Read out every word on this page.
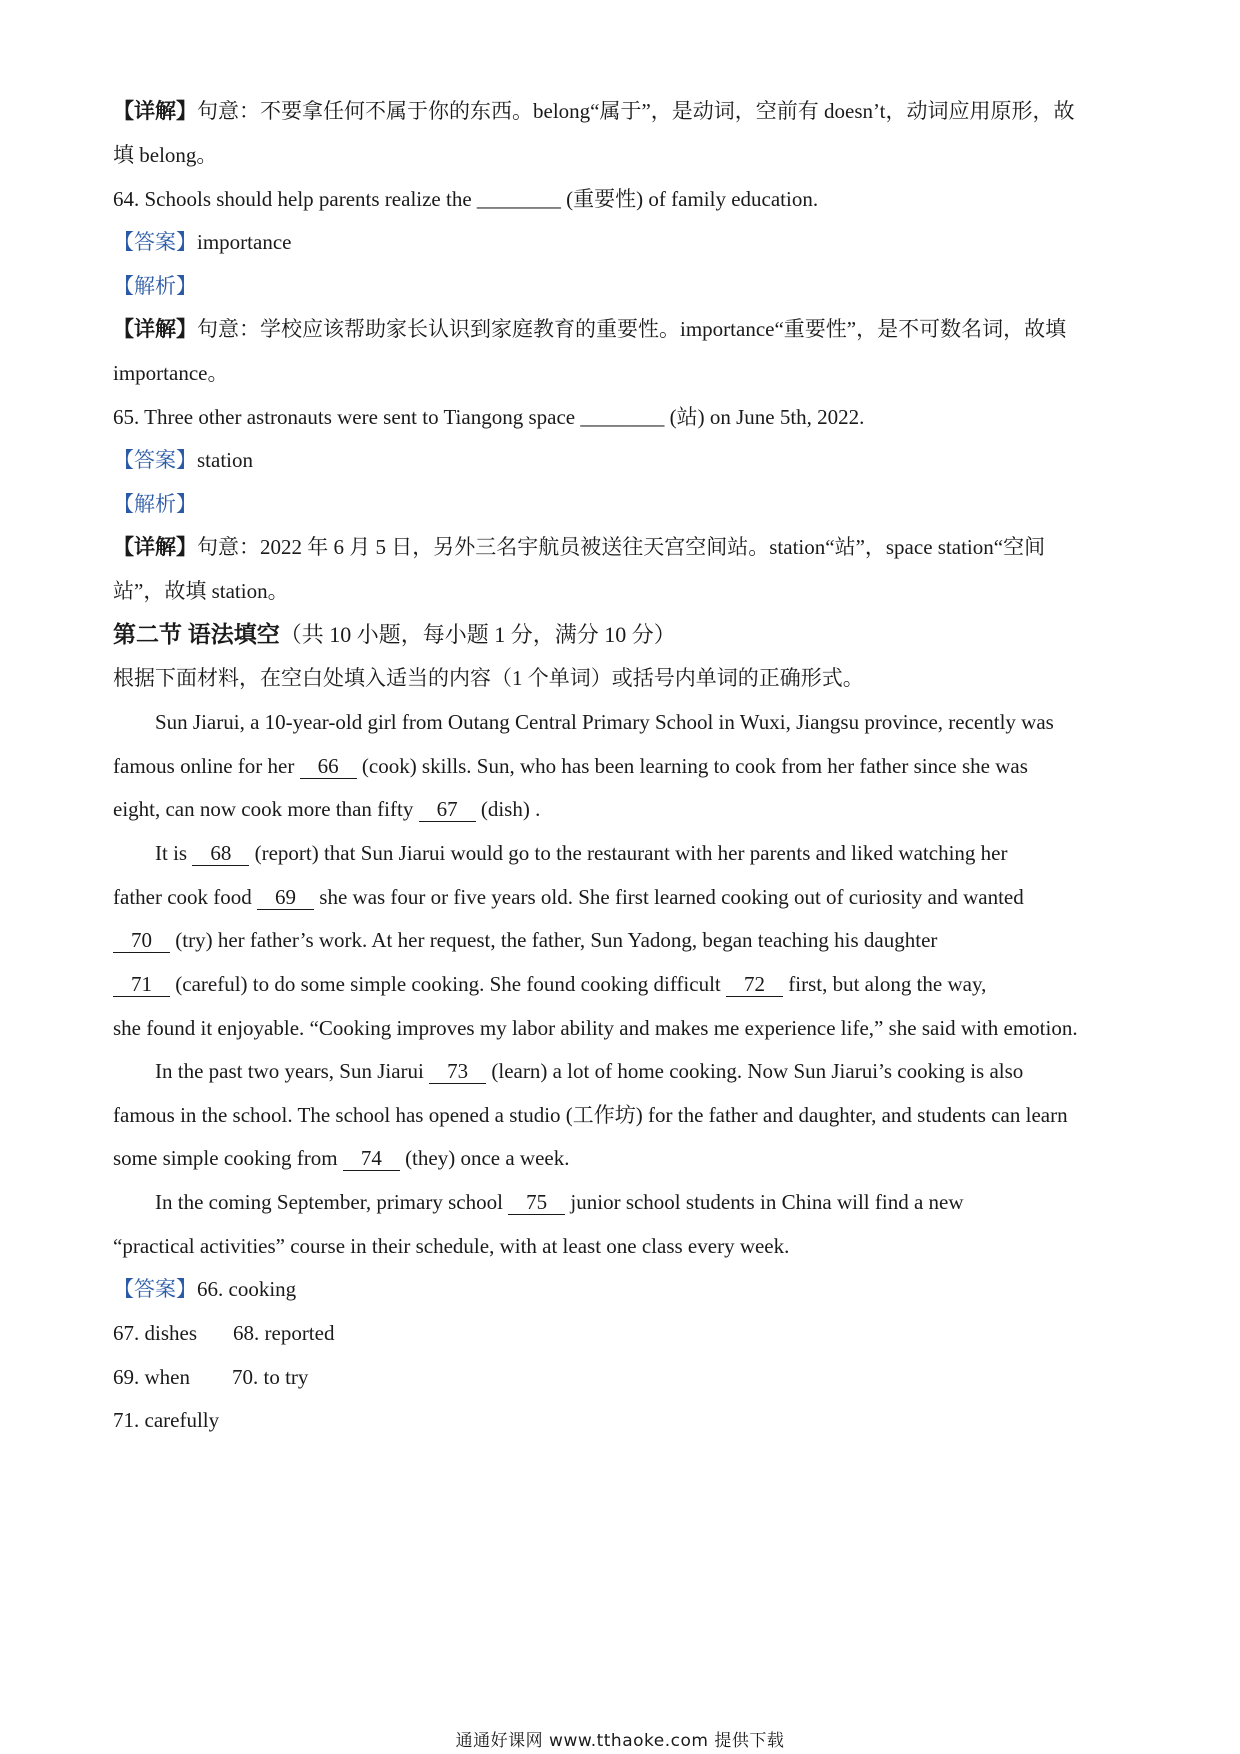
【详解】句意：不要拿任何不属于你的东西。belong“属于”，是动词，空前有 doesn’t，动词应用原形，故
填 belong。
64. Schools should help parents realize the ________ (重要性) of family education.
【答案】importance
【解析】
【详解】句意：学校应该帮助家长认识到家庭教育的重要性。importance“重要性”，是不可数名词，故填
importance。
65. Three other astronauts were sent to Tiangong space ________ (站) on June 5th, 2022.
【答案】station
【解析】
【详解】句意：2022 年 6 月 5 日，另外三名宇航员被送往天宫空间站。station“站”，space station“空间
站”，故填 station。
第二节 语法填空（共 10 小题，每小题 1 分，满分 10 分）
根据下面材料，在空白处填入适当的内容（1 个单词）或括号内单词的正确形式。
Sun Jiarui, a 10-year-old girl from Outang Central Primary School in Wuxi, Jiangsu province, recently was
famous online for her 66 (cook) skills. Sun, who has been learning to cook from her father since she was
eight, can now cook more than fifty 67 (dish) .
It is 68 (report) that Sun Jiarui would go to the restaurant with her parents and liked watching her
father cook food 69 she was four or five years old. She first learned cooking out of curiosity and wanted
70 (try) her father’s work. At her request, the father, Sun Yadong, began teaching his daughter
71 (careful) to do some simple cooking. She found cooking difficult 72 first, but along the way,
she found it enjoyable. “Cooking improves my labor ability and makes me experience life,” she said with emotion.
In the past two years, Sun Jiarui 73 (learn) a lot of home cooking. Now Sun Jiarui’s cooking is also
famous in the school. The school has opened a studio (工作坊) for the father and daughter, and students can learn
some simple cooking from 74 (they) once a week.
In the coming September, primary school 75 junior school students in China will find a new
“practical activities” course in their schedule, with at least one class every week.
【答案】66. cooking
67. dishes 68. reported
69. when 70. to try
71. carefully
通通好课网 www.tthaoke.com 提供下载
